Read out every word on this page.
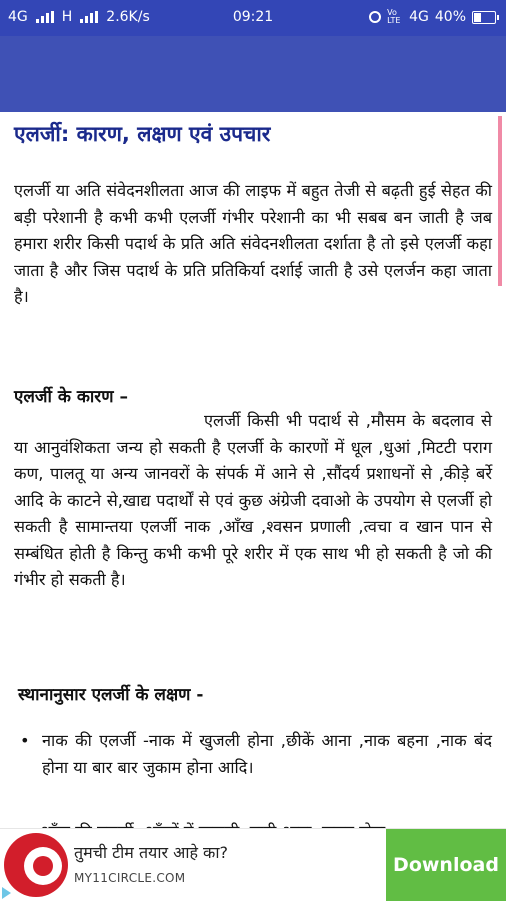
4G H 2.6K/s	09:21	Vo LTE 4G 40%
एलर्जी: कारण, लक्षण एवं उपचार

एलर्जी या अति संवेदनशीलता आज की लाइफ में बहुत तेजी से बढ़ती हुई सेहत की बड़ी परेशानी है कभी कभी एलर्जी गंभीर परेशानी का भी सबब बन जाती है जब हमारा शरीर किसी पदार्थ के प्रति अति संवेदनशीलता दर्शाता है तो इसे एलर्जी कहा जाता है और जिस पदार्थ के प्रति प्रतिकिर्या दर्शाई जाती है उसे एलर्जन कहा जाता है।

एलर्जी के कारण –

एलर्जी किसी भी पदार्थ से ,मौसम के बदलाव से या आनुवंशिकता जन्य हो सकती है एलर्जी के कारणों में धूल ,धुआं ,मिटटी पराग कण, पालतू या अन्य जानवरों के संपर्क में आने से ,सौंदर्य प्रशाधनों से ,कीड़े बर्रे आदि के काटने से,खाद्य पदार्थों से एवं कुछ अंग्रेजी दवाओ के उपयोग से एलर्जी हो सकती है सामान्तया एलर्जी नाक ,आँख ,श्वसन प्रणाली ,त्वचा व खान पान से सम्बंधित होती है किन्तु कभी कभी पूरे शरीर में एक साथ भी हो सकती है जो की गंभीर हो सकती है।

स्थानानुसार एलर्जी के लक्षण -
• नाक की एलर्जी -नाक में खुजली होना ,छीकें आना ,नाक बहना ,नाक बंद होना या बार बार जुकाम होना आदि।

तुमची टीम तयार आहे का?

MY11CIRCLE.COM

Download
